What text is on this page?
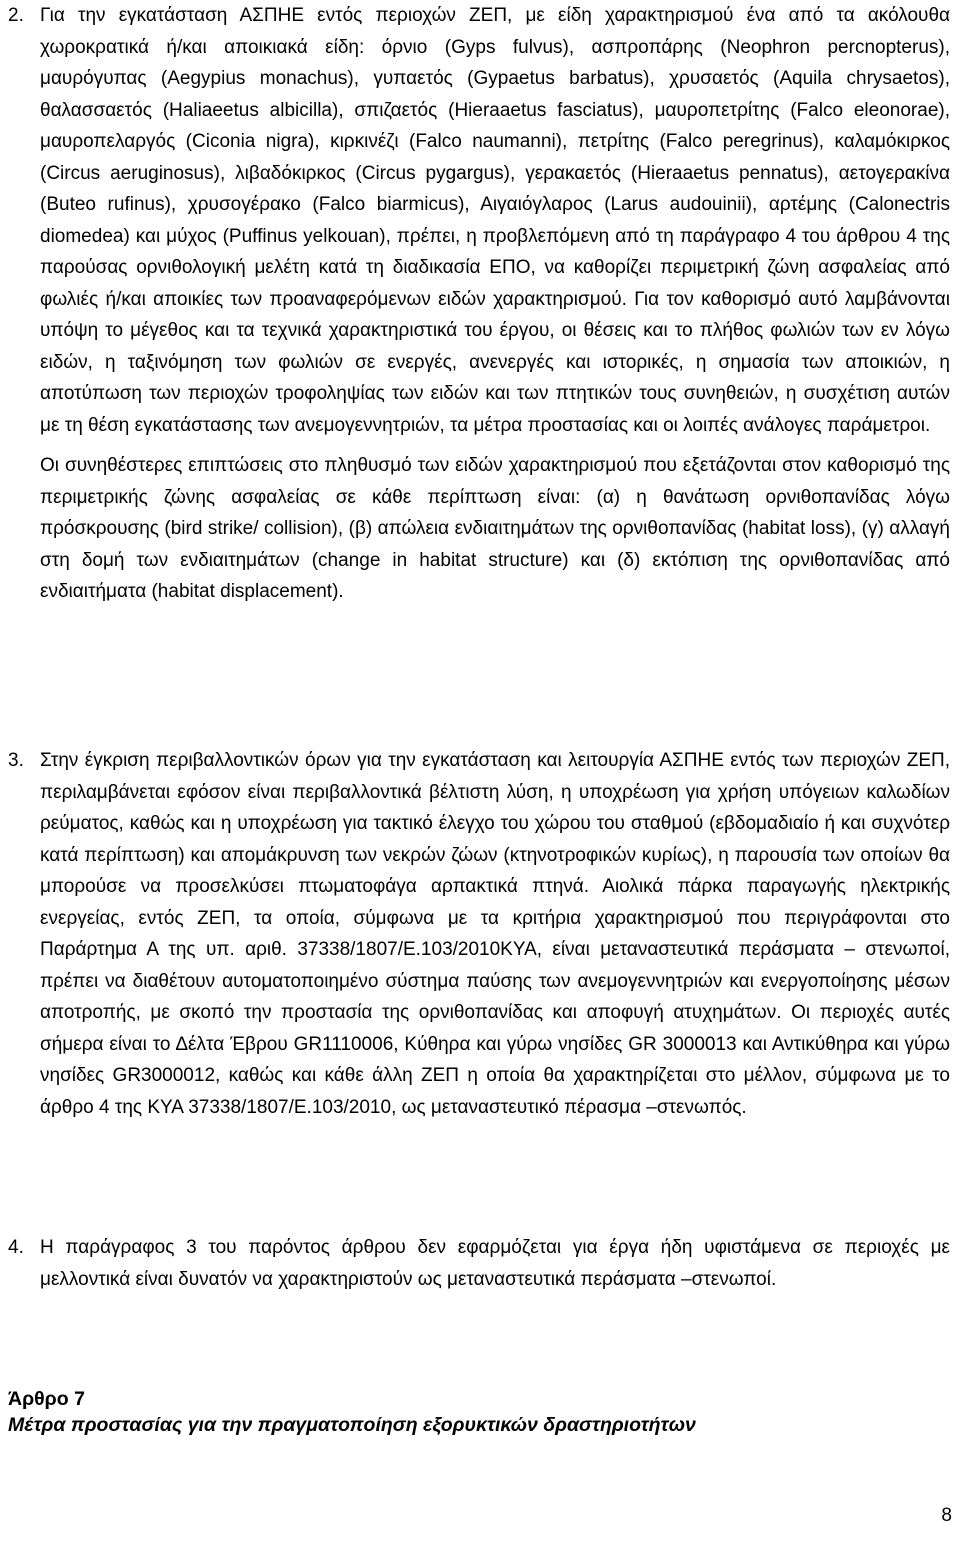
2. Για την εγκατάσταση ΑΣΠΗΕ εντός περιοχών ΖΕΠ, με είδη χαρακτηρισμού ένα από τα ακόλουθα χωροκρατικά ή/και αποικιακά είδη: όρνιο (Gyps fulvus), ασπροπάρης (Neophron percnopterus), μαυρόγυπας (Aegypius monachus), γυπαετός (Gypaetus barbatus), χρυσαετός (Aquila chrysaetos), θαλασσαετός (Haliaeetus albicilla), σπιζαετός (Hieraaetus fasciatus), μαυροπετρίτης (Falco eleonorae), μαυροπελαργός (Ciconia nigra), κιρκινέζι (Falco naumanni), πετρίτης (Falco peregrinus), καλαμόκιρκος (Circus aeruginosus), λιβαδόκιρκος (Circus pygargus), γερακαετός (Hieraaetus pennatus), αετογερακίνα (Buteo rufinus), χρυσογέρακο (Falco biarmicus), Αιγαιόγλαρος (Larus audouinii), αρτέμης (Calonectris diomedea) και μύχος (Puffinus yelkouan), πρέπει, η προβλεπόμενη από τη παράγραφο 4 του άρθρου 4 της παρούσας ορνιθολογική μελέτη κατά τη διαδικασία ΕΠΟ, να καθορίζει περιμετρική ζώνη ασφαλείας από φωλιές ή/και αποικίες των προαναφερόμενων ειδών χαρακτηρισμού. Για τον καθορισμό αυτό λαμβάνονται υπόψη το μέγεθος και τα τεχνικά χαρακτηριστικά του έργου, οι θέσεις και το πλήθος φωλιών των εν λόγω ειδών, η ταξινόμηση των φωλιών σε ενεργές, ανενεργές και ιστορικές, η σημασία των αποικιών, η αποτύπωση των περιοχών τροφοληψίας των ειδών και των πτητικών τους συνηθειών, η συσχέτιση αυτών με τη θέση εγκατάστασης των ανεμογεννητριών, τα μέτρα προστασίας και οι λοιπές ανάλογες παράμετροι.

Οι συνηθέστερες επιπτώσεις στο πληθυσμό των ειδών χαρακτηρισμού που εξετάζονται στον καθορισμό της περιμετρικής ζώνης ασφαλείας σε κάθε περίπτωση είναι: (α) η θανάτωση ορνιθοπανίδας λόγω πρόσκρουσης (bird strike/ collision), (β) απώλεια ενδιαιτημάτων της ορνιθοπανίδας (habitat loss), (γ) αλλαγή στη δομή των ενδιαιτημάτων (change in habitat structure) και (δ) εκτόπιση της ορνιθοπανίδας από ενδιαιτήματα (habitat displacement).

3. Στην έγκριση περιβαλλοντικών όρων για την εγκατάσταση και λειτουργία ΑΣΠΗΕ εντός των περιοχών ΖΕΠ, περιλαμβάνεται εφόσον είναι περιβαλλοντικά βέλτιστη λύση, η υποχρέωση για χρήση υπόγειων καλωδίων ρεύματος, καθώς και η υποχρέωση για τακτικό έλεγχο του χώρου του σταθμού (εβδομαδιαίο ή και συχνότερ κατά περίπτωση) και απομάκρυνση των νεκρών ζώων (κτηνοτροφικών κυρίως), η παρουσία των οποίων θα μπορούσε να προσελκύσει πτωματοφάγα αρπακτικά πτηνά. Αιολικά πάρκα παραγωγής ηλεκτρικής ενεργείας, εντός ΖΕΠ, τα οποία, σύμφωνα με τα κριτήρια χαρακτηρισμού που περιγράφονται στο Παράρτημα Α της υπ. αριθ. 37338/1807/Ε.103/2010ΚΥΑ, είναι μεταναστευτικά περάσματα – στενωποί, πρέπει να διαθέτουν αυτοματοποιημένο σύστημα παύσης των ανεμογεννητριών και ενεργοποίησης μέσων αποτροπής, με σκοπό την προστασία της ορνιθοπανίδας και αποφυγή ατυχημάτων. Οι περιοχές αυτές σήμερα είναι το Δέλτα Έβρου GR1110006, Κύθηρα και γύρω νησίδες GR 3000013 και Αντικύθηρα και γύρω νησίδες GR3000012, καθώς και κάθε άλλη ΖΕΠ η οποία θα χαρακτηρίζεται στο μέλλον, σύμφωνα με το άρθρο 4 της ΚΥΑ 37338/1807/Ε.103/2010, ως μεταναστευτικό πέρασμα –στενωπός.

4. Η παράγραφος 3 του παρόντος άρθρου δεν εφαρμόζεται για έργα ήδη υφιστάμενα σε περιοχές με μελλοντικά είναι δυνατόν να χαρακτηριστούν ως μεταναστευτικά περάσματα –στενωποί.

Άρθρο 7
Μέτρα προστασίας για την πραγματοποίηση εξορυκτικών δραστηριοτήτων
8
